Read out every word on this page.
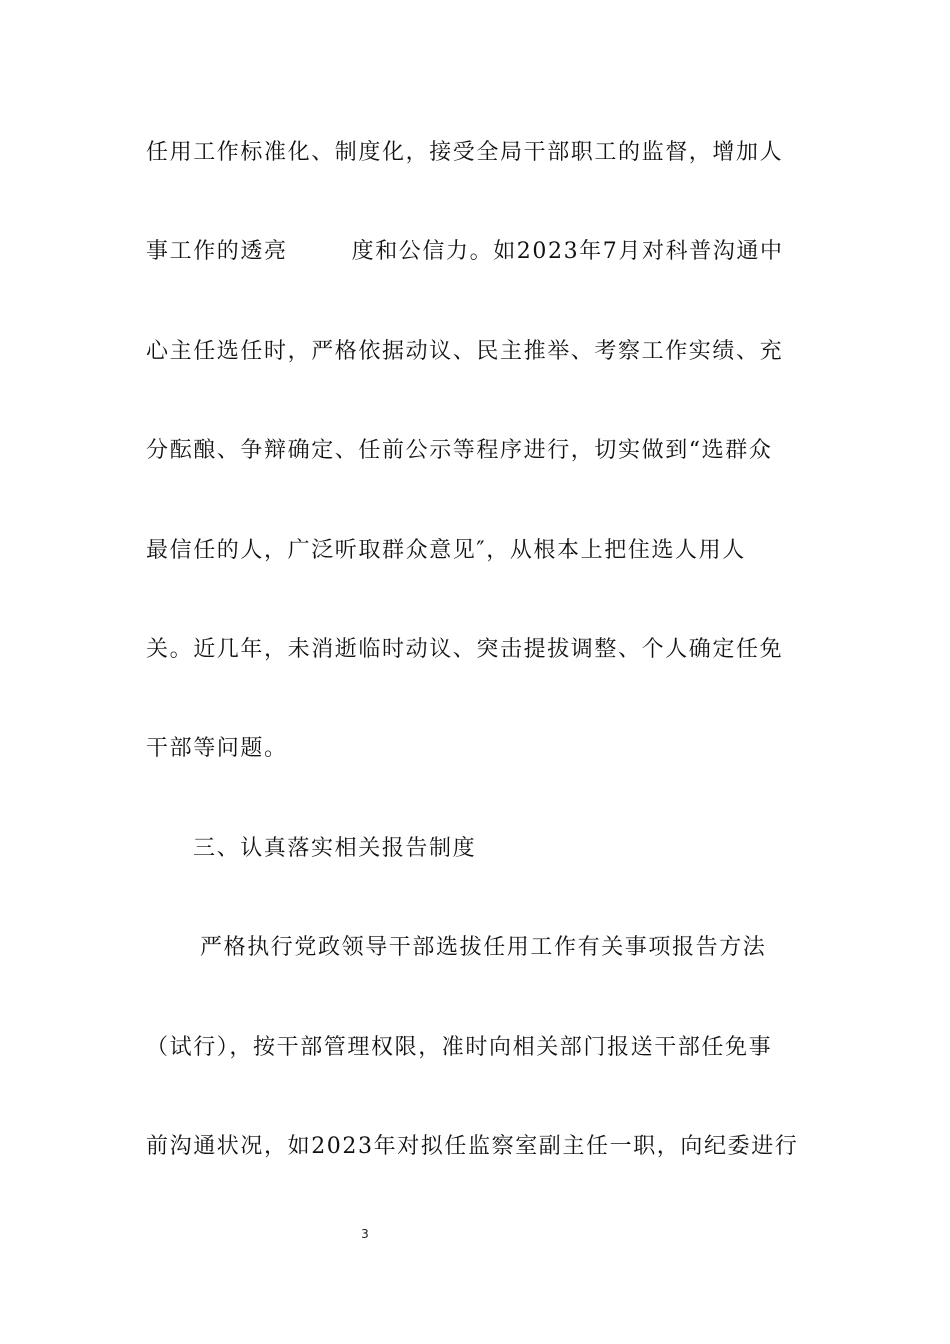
任用工作标准化、制度化，接受全局干部职工的监督，增加人
事工作的透亮	度和公信力。如2023年7月对科普沟通中
心主任选任时，严格依据动议、民主推举、考察工作实绩、充
分酝酿、争辩确定、任前公示等程序进行，切实做到“选群众
最信任的人，广泛听取群众意见″，从根本上把住选人用人
关。近几年，未消逝临时动议、突击提拔调整、个人确定任免
干部等问题。
三、认真落实相关报告制度
严格执行党政领导干部选拔任用工作有关事项报告方法
（试行），按干部管理权限，准时向相关部门报送干部任免事
前沟通状况，如2023年对拟任监察室副主任一职，向纪委进行
3
